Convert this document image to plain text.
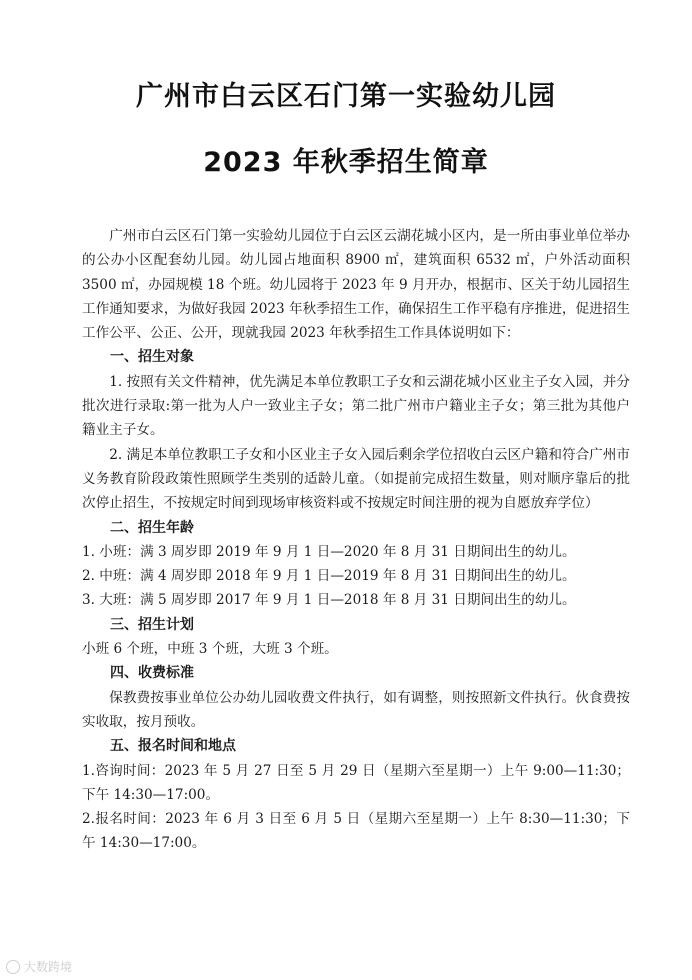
广州市白云区石门第一实验幼儿园
2023 年秋季招生简章

广州市白云区石门第一实验幼儿园位于白云区云湖花城小区内，是一所由事业单位举办的公办小区配套幼儿园。幼儿园占地面积 8900 ㎡，建筑面积 6532 ㎡，户外活动面积 3500 ㎡，办园规模 18 个班。幼儿园将于 2023 年 9 月开办，根据市、区关于幼儿园招生工作通知要求，为做好我园 2023 年秋季招生工作，确保招生工作平稳有序推进，促进招生工作公平、公正、公开，现就我园 2023 年秋季招生工作具体说明如下：

一、招生对象

1. 按照有关文件精神，优先满足本单位教职工子女和云湖花城小区业主子女入园，并分批次进行录取:第一批为人户一致业主子女；第二批广州市户籍业主子女；第三批为其他户籍业主子女。

2. 满足本单位教职工子女和小区业主子女入园后剩余学位招收白云区户籍和符合广州市义务教育阶段政策性照顾学生类别的适龄儿童。（如提前完成招生数量，则对顺序靠后的批次停止招生，不按规定时间到现场审核资料或不按规定时间注册的视为自愿放弃学位）

二、招生年龄

1. 小班：满 3 周岁即 2019 年 9 月 1 日—2020 年 8 月 31 日期间出生的幼儿。

2. 中班：满 4 周岁即 2018 年 9 月 1 日—2019 年 8 月 31 日期间出生的幼儿。

3. 大班：满 5 周岁即 2017 年 9 月 1 日—2018 年 8 月 31 日期间出生的幼儿。

三、招生计划

小班 6 个班，中班 3 个班，大班 3 个班。

四、收费标准

保教费按事业单位公办幼儿园收费文件执行，如有调整，则按照新文件执行。伙食费按实收取，按月预收。

五、报名时间和地点

1.咨询时间：2023 年 5 月 27 日至 5 月 29 日（星期六至星期一）上午 9:00—11:30；下午 14:30—17:00。

2.报名时间：2023 年 6 月 3 日至 6 月 5 日（星期六至星期一）上午 8:30—11:30；下午 14:30—17:00。

大数跨境
